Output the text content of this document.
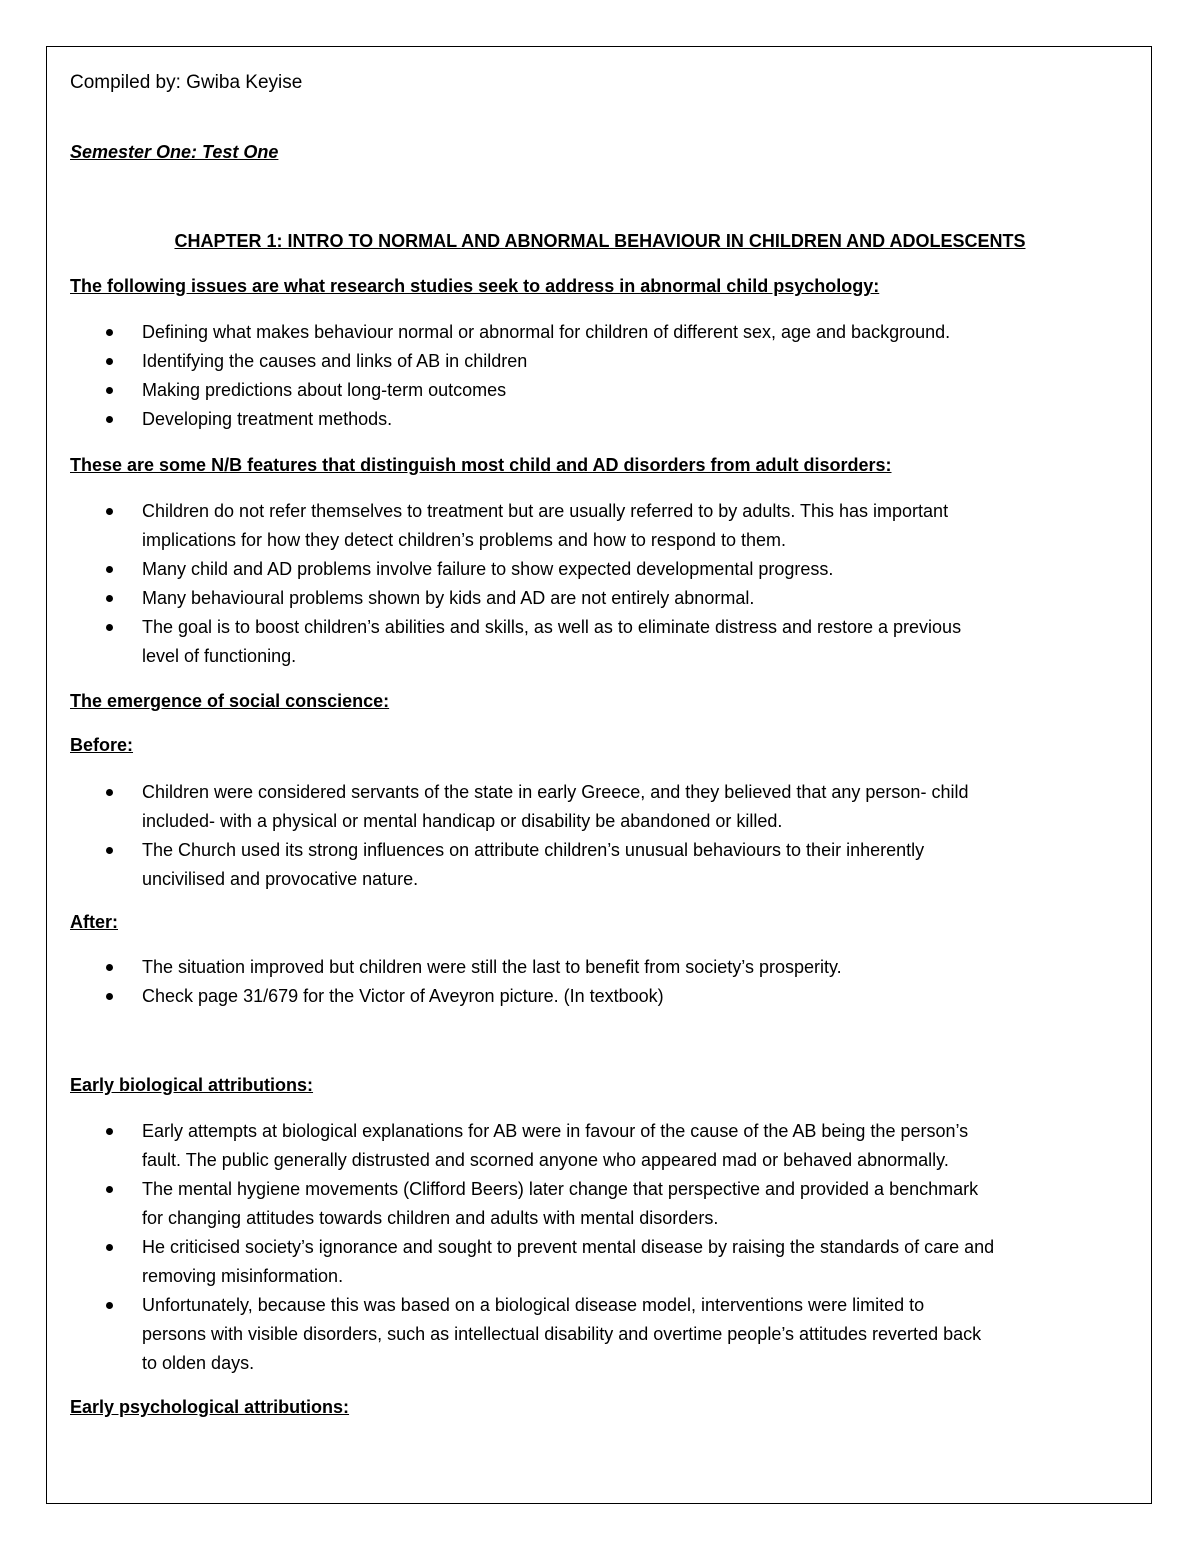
Compiled by: Gwiba Keyise

Semester One: Test One

CHAPTER 1: INTRO TO NORMAL AND ABNORMAL BEHAVIOUR IN CHILDREN AND ADOLESCENTS

The following issues are what research studies seek to address in abnormal child psychology:

Defining what makes behaviour normal or abnormal for children of different sex, age and background.
Identifying the causes and links of AB in children
Making predictions about long-term outcomes
Developing treatment methods.

These are some N/B features that distinguish most child and AD disorders from adult disorders:

Children do not refer themselves to treatment but are usually referred to by adults. This has important
implications for how they detect children’s problems and how to respond to them.
Many child and AD problems involve failure to show expected developmental progress.
Many behavioural problems shown by kids and AD are not entirely abnormal.
The goal is to boost children’s abilities and skills, as well as to eliminate distress and restore a previous
level of functioning.

The emergence of social conscience:

Before:

Children were considered servants of the state in early Greece, and they believed that any person- child
included- with a physical or mental handicap or disability be abandoned or killed.
The Church used its strong influences on attribute children’s unusual behaviours to their inherently
uncivilised and provocative nature.

After:

The situation improved but children were still the last to benefit from society’s prosperity.
Check page 31/679 for the Victor of Aveyron picture. (In textbook)

Early biological attributions:

Early attempts at biological explanations for AB were in favour of the cause of the AB being the person’s
fault. The public generally distrusted and scorned anyone who appeared mad or behaved abnormally.
The mental hygiene movements (Clifford Beers) later change that perspective and provided a benchmark
for changing attitudes towards children and adults with mental disorders.
He criticised society’s ignorance and sought to prevent mental disease by raising the standards of care and
removing misinformation.
Unfortunately, because this was based on a biological disease model, interventions were limited to
persons with visible disorders, such as intellectual disability and overtime people’s attitudes reverted back
to olden days.

Early psychological attributions:
